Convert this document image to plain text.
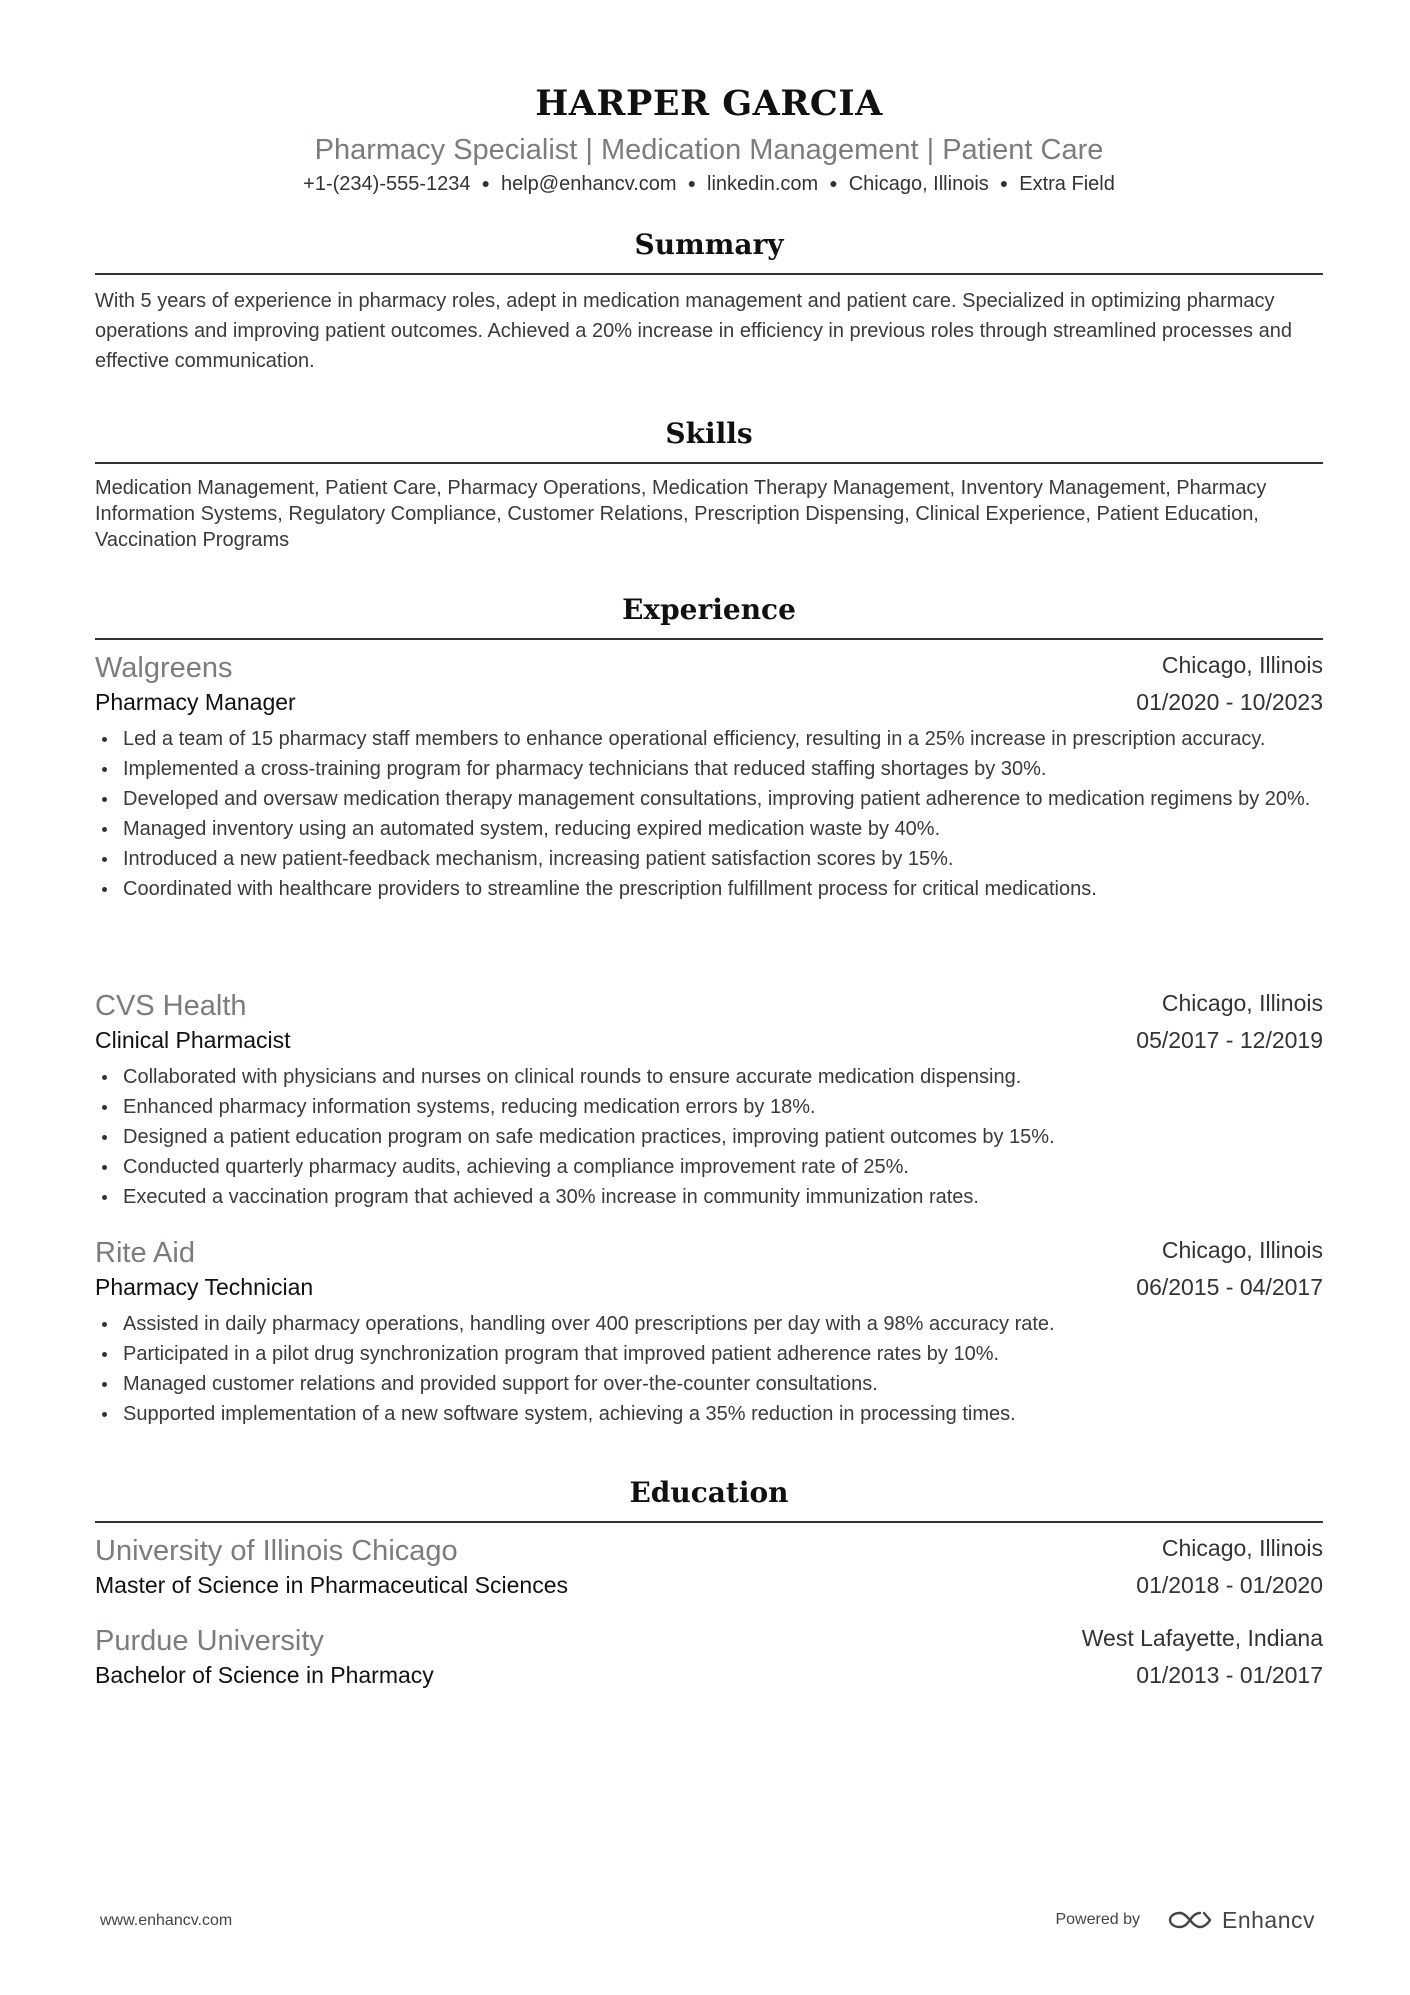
HARPER GARCIA
Pharmacy Specialist | Medication Management | Patient Care
+1-(234)-555-1234 ● help@enhancv.com ● linkedin.com ● Chicago, Illinois ● Extra Field
Summary
With 5 years of experience in pharmacy roles, adept in medication management and patient care. Specialized in optimizing pharmacy operations and improving patient outcomes. Achieved a 20% increase in efficiency in previous roles through streamlined processes and effective communication.
Skills
Medication Management, Patient Care, Pharmacy Operations, Medication Therapy Management, Inventory Management, Pharmacy Information Systems, Regulatory Compliance, Customer Relations, Prescription Dispensing, Clinical Experience, Patient Education, Vaccination Programs
Experience
Walgreens	Chicago, Illinois
Pharmacy Manager	01/2020 - 10/2023
Led a team of 15 pharmacy staff members to enhance operational efficiency, resulting in a 25% increase in prescription accuracy.
Implemented a cross-training program for pharmacy technicians that reduced staffing shortages by 30%.
Developed and oversaw medication therapy management consultations, improving patient adherence to medication regimens by 20%.
Managed inventory using an automated system, reducing expired medication waste by 40%.
Introduced a new patient-feedback mechanism, increasing patient satisfaction scores by 15%.
Coordinated with healthcare providers to streamline the prescription fulfillment process for critical medications.
CVS Health	Chicago, Illinois
Clinical Pharmacist	05/2017 - 12/2019
Collaborated with physicians and nurses on clinical rounds to ensure accurate medication dispensing.
Enhanced pharmacy information systems, reducing medication errors by 18%.
Designed a patient education program on safe medication practices, improving patient outcomes by 15%.
Conducted quarterly pharmacy audits, achieving a compliance improvement rate of 25%.
Executed a vaccination program that achieved a 30% increase in community immunization rates.
Rite Aid	Chicago, Illinois
Pharmacy Technician	06/2015 - 04/2017
Assisted in daily pharmacy operations, handling over 400 prescriptions per day with a 98% accuracy rate.
Participated in a pilot drug synchronization program that improved patient adherence rates by 10%.
Managed customer relations and provided support for over-the-counter consultations.
Supported implementation of a new software system, achieving a 35% reduction in processing times.
Education
University of Illinois Chicago	Chicago, Illinois
Master of Science in Pharmaceutical Sciences	01/2018 - 01/2020
Purdue University	West Lafayette, Indiana
Bachelor of Science in Pharmacy	01/2013 - 01/2017
www.enhancv.com	Powered by	Enhancv
